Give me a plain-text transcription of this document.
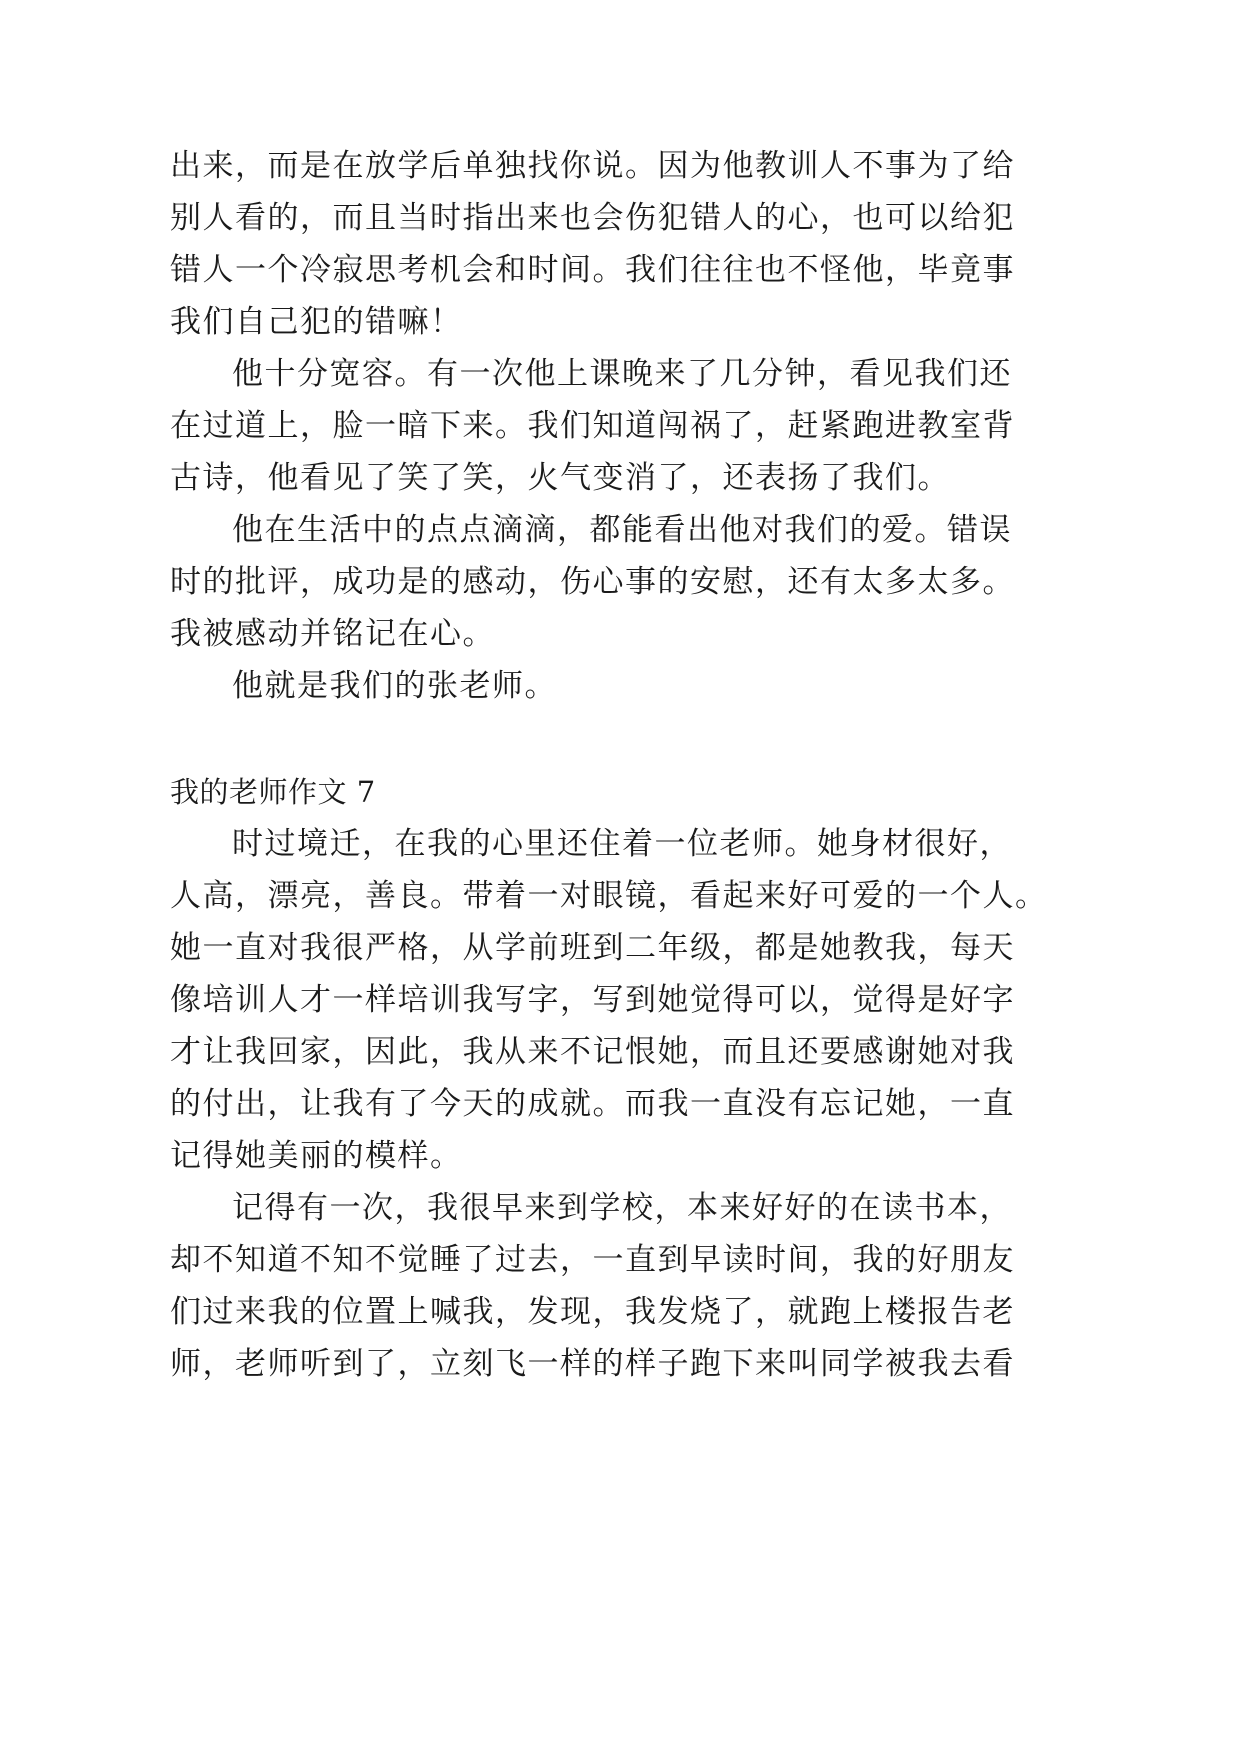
出来，而是在放学后单独找你说。因为他教训人不事为了给
别人看的，而且当时指出来也会伤犯错人的心，也可以给犯
错人一个冷寂思考机会和时间。我们往往也不怪他，毕竟事
我们自己犯的错嘛！
他十分宽容。有一次他上课晚来了几分钟，看见我们还
在过道上，脸一暗下来。我们知道闯祸了，赶紧跑进教室背
古诗，他看见了笑了笑，火气变消了，还表扬了我们。
他在生活中的点点滴滴，都能看出他对我们的爱。错误
时的批评，成功是的感动，伤心事的安慰，还有太多太多。
我被感动并铭记在心。
他就是我们的张老师。
我的老师作文 7
时过境迁，在我的心里还住着一位老师。她身材很好，
人高，漂亮，善良。带着一对眼镜，看起来好可爱的一个人。
她一直对我很严格，从学前班到二年级，都是她教我，每天
像培训人才一样培训我写字，写到她觉得可以，觉得是好字
才让我回家，因此，我从来不记恨她，而且还要感谢她对我
的付出，让我有了今天的成就。而我一直没有忘记她，一直
记得她美丽的模样。
记得有一次，我很早来到学校，本来好好的在读书本，
却不知道不知不觉睡了过去，一直到早读时间，我的好朋友
们过来我的位置上喊我，发现，我发烧了，就跑上楼报告老
师，老师听到了，立刻飞一样的样子跑下来叫同学被我去看
